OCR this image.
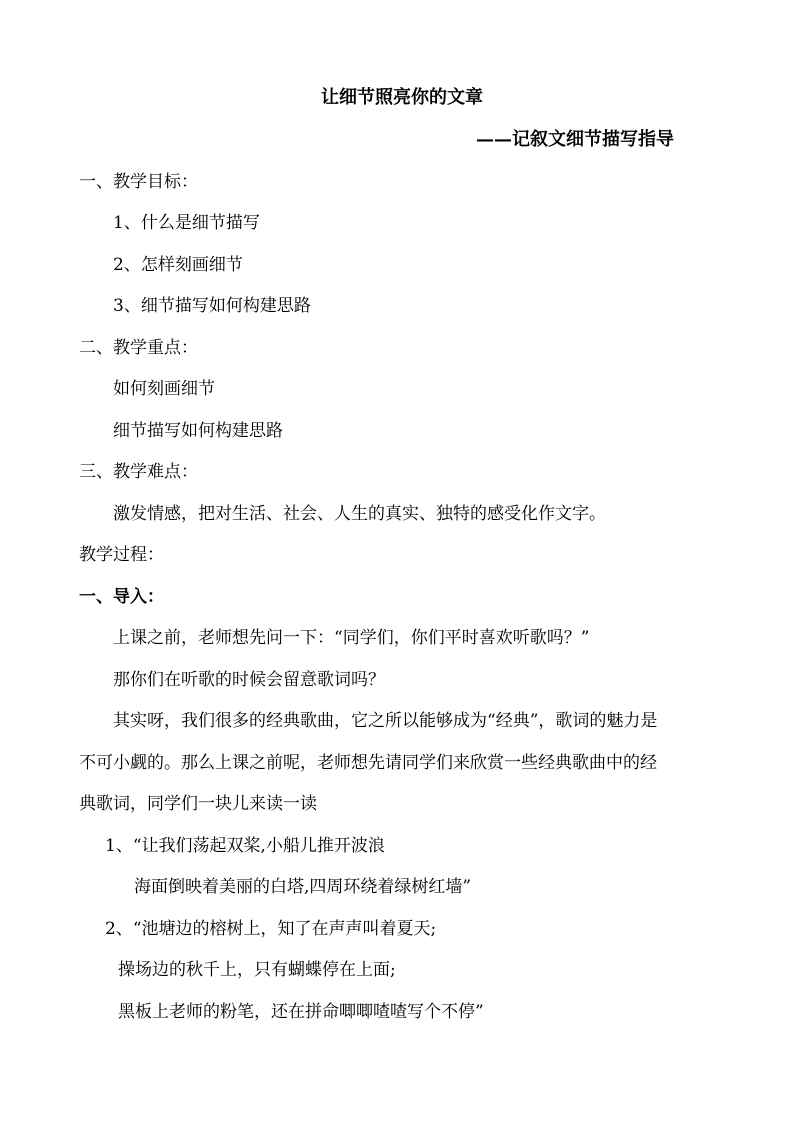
让细节照亮你的文章

——记叙文细节描写指导

一、教学目标：

1、什么是细节描写

2、怎样刻画细节

3、细节描写如何构建思路

二、教学重点：

如何刻画细节

细节描写如何构建思路

三、教学难点：

激发情感，把对生活、社会、人生的真实、独特的感受化作文字。

教学过程：

一、导入：

上课之前，老师想先问一下：“同学们，你们平时喜欢听歌吗？”

那你们在听歌的时候会留意歌词吗？

其实呀，我们很多的经典歌曲，它之所以能够成为“经典”，歌词的魅力是

不可小觑的。那么上课之前呢，老师想先请同学们来欣赏一些经典歌曲中的经

典歌词，同学们一块儿来读一读

1、“让我们荡起双桨,小船儿推开波浪

海面倒映着美丽的白塔,四周环绕着绿树红墙”

2、“池塘边的榕树上，知了在声声叫着夏天;

操场边的秋千上，只有蝴蝶停在上面;

黑板上老师的粉笔，还在拼命唧唧喳喳写个不停”
